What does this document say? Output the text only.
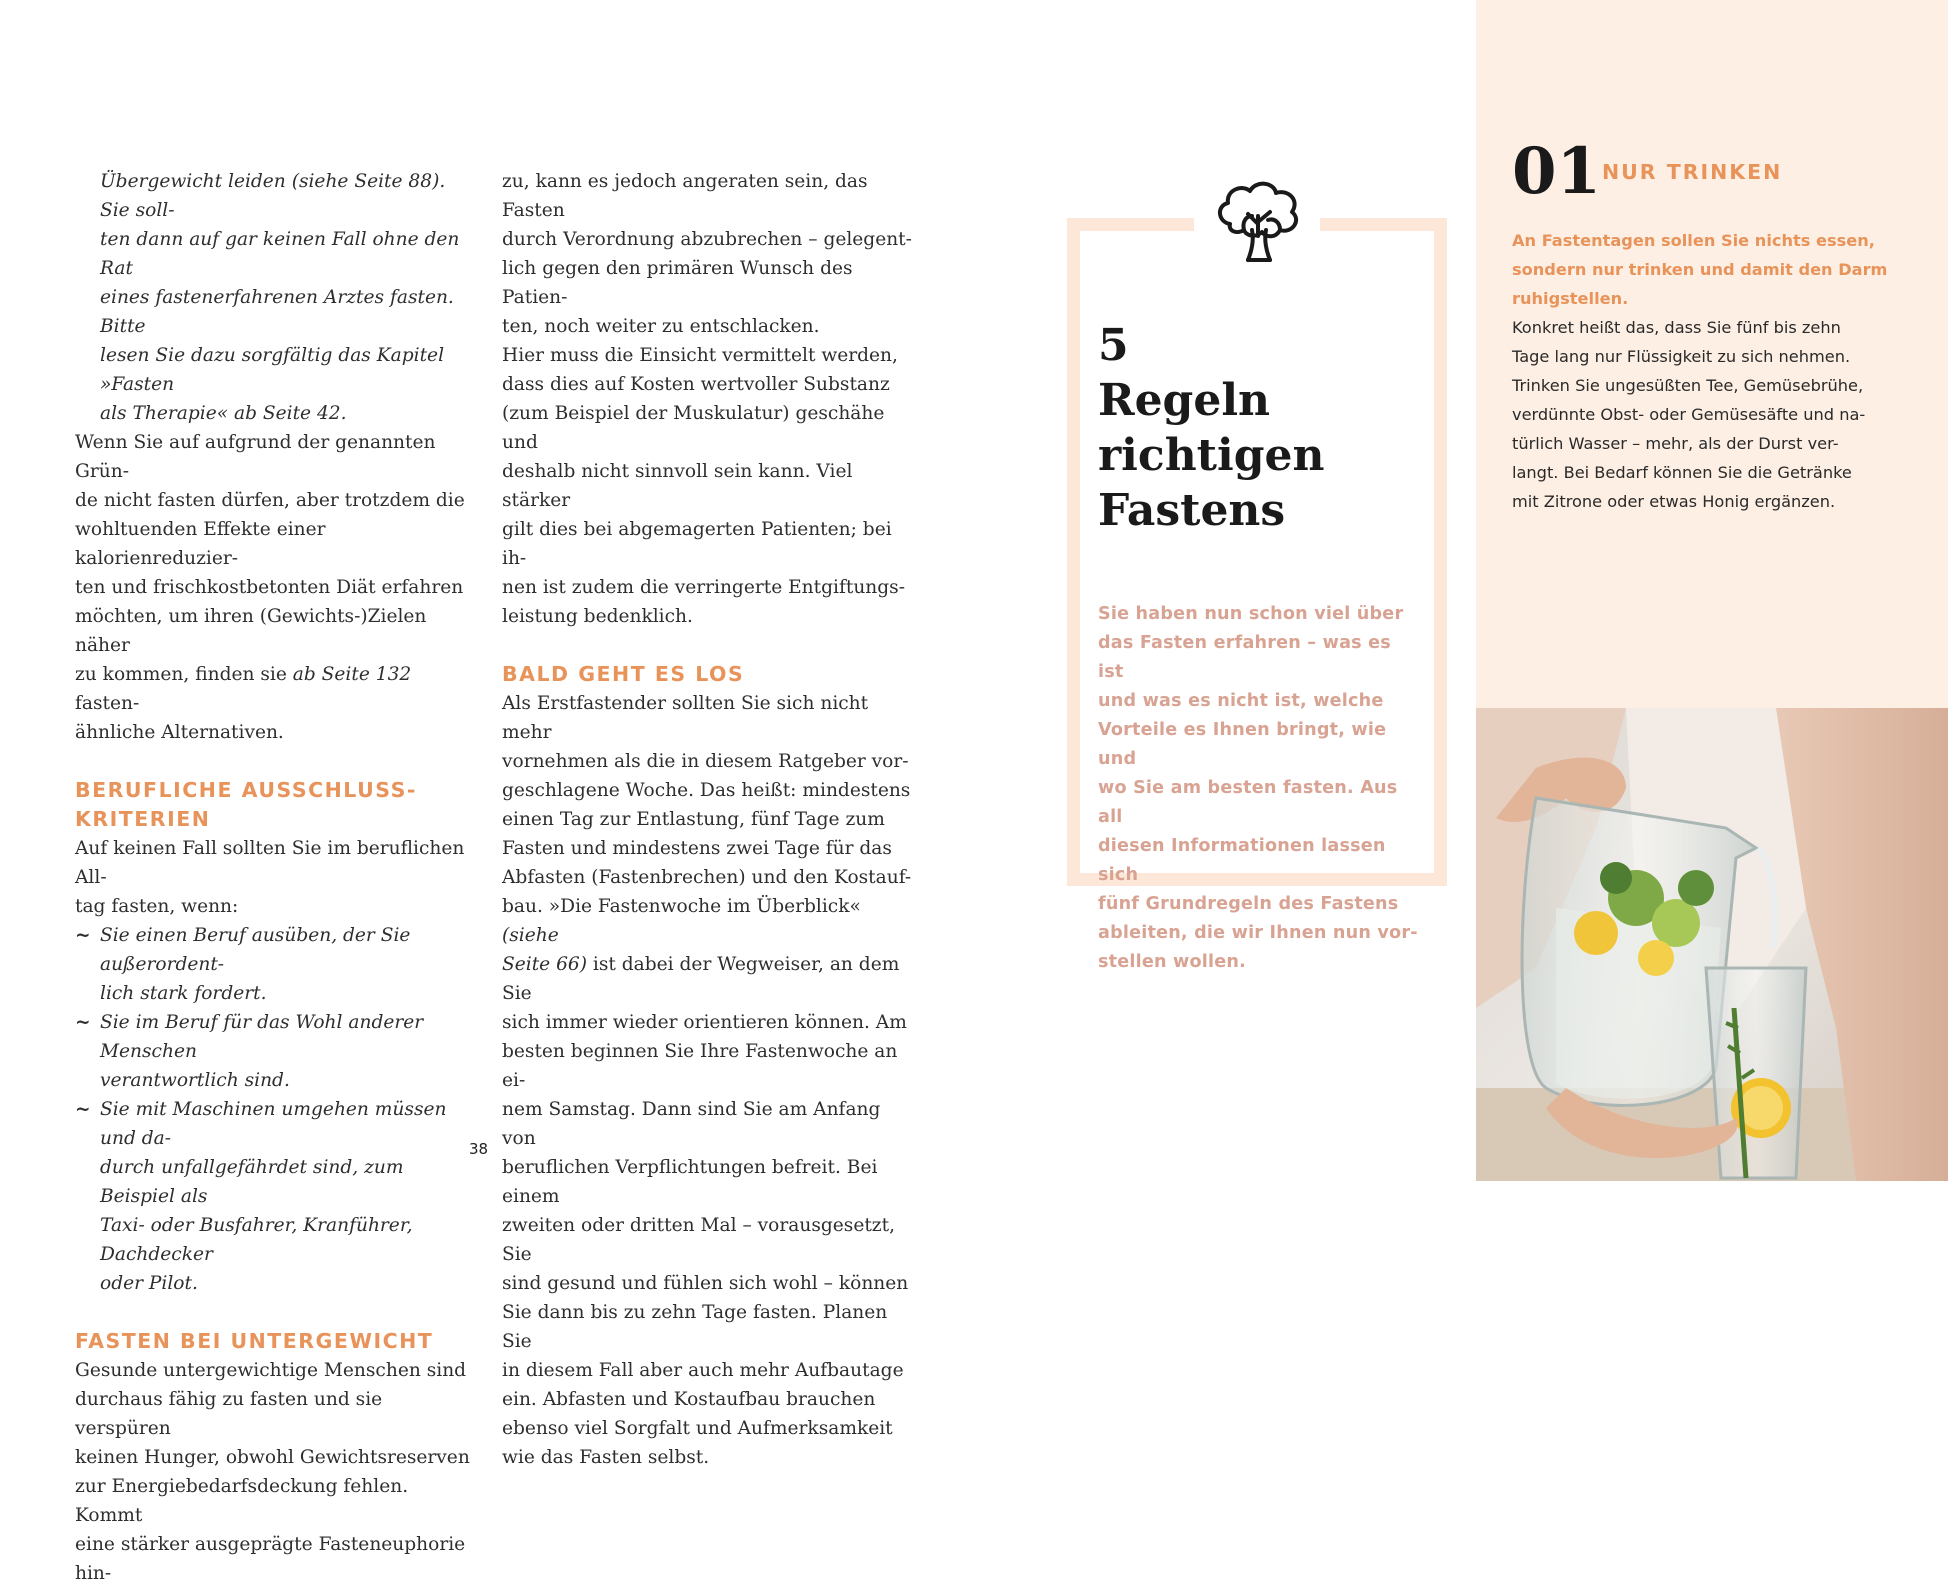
Übergewicht leiden (siehe Seite 88). Sie soll-

ten dann auf gar keinen Fall ohne den Rat

eines fastenerfahrenen Arztes fasten. Bitte

lesen Sie dazu sorgfältig das Kapitel »Fasten

als Therapie« ab Seite 42.

Wenn Sie auf aufgrund der genannten Grün-

de nicht fasten dürfen, aber trotzdem die

wohltuenden Effekte einer kalorienreduzier-

ten und frischkostbetonten Diät erfahren

möchten, um ihren (Gewichts-)Zielen näher

zu kommen, finden sie ab Seite 132 fasten-

ähnliche Alternativen.

BERUFLICHE AUSSCHLUSS-

KRITERIEN

Auf keinen Fall sollten Sie im beruflichen All-

tag fasten, wenn:

~ Sie einen Beruf ausüben, der Sie außerordent-

lich stark fordert.

~ Sie im Beruf für das Wohl anderer Menschen

verantwortlich sind.

~ Sie mit Maschinen umgehen müssen und da-

durch unfallgefährdet sind, zum Beispiel als

Taxi- oder Busfahrer, Kranführer, Dachdecker

oder Pilot.

FASTEN BEI UNTERGEWICHT

Gesunde untergewichtige Menschen sind

durchaus fähig zu fasten und sie verspüren

keinen Hunger, obwohl Gewichtsreserven

zur Energiebedarfsdeckung fehlen. Kommt

eine stärker ausgeprägte Fasteneuphorie hin-

zu, kann es jedoch angeraten sein, das Fasten

durch Verordnung abzubrechen – gelegent-

lich gegen den primären Wunsch des Patien-

ten, noch weiter zu entschlacken.

Hier muss die Einsicht vermittelt werden,

dass dies auf Kosten wertvoller Substanz

(zum Beispiel der Muskulatur) geschähe und

deshalb nicht sinnvoll sein kann. Viel stärker

gilt dies bei abgemagerten Patienten; bei ih-

nen ist zudem die verringerte Entgiftungs-

leistung bedenklich.

BALD GEHT ES LOS

Als Erstfastender sollten Sie sich nicht mehr

vornehmen als die in diesem Ratgeber vor-

geschlagene Woche. Das heißt: mindestens

einen Tag zur Entlastung, fünf Tage zum

Fasten und mindestens zwei Tage für das

Abfasten (Fastenbrechen) und den Kostauf-

bau. »Die Fastenwoche im Überblick« (siehe

Seite 66) ist dabei der Wegweiser, an dem Sie

sich immer wieder orientieren können. Am

besten beginnen Sie Ihre Fastenwoche an ei-

nem Samstag. Dann sind Sie am Anfang von

beruflichen Verpflichtungen befreit. Bei einem

zweiten oder dritten Mal – vorausgesetzt, Sie

sind gesund und fühlen sich wohl – können

Sie dann bis zu zehn Tage fasten. Planen Sie

in diesem Fall aber auch mehr Aufbautage

ein. Abfasten und Kostaufbau brauchen

ebenso viel Sorgfalt und Aufmerksamkeit

wie das Fasten selbst.

38
5
Regeln
richtigen
Fastens
Sie haben nun schon viel über
das Fasten erfahren – was es ist
und was es nicht ist, welche
Vorteile es Ihnen bringt, wie und
wo Sie am besten fasten. Aus all
diesen Informationen lassen sich
fünf Grundregeln des Fastens
ableiten, die wir Ihnen nun vor-
stellen wollen.
01 NUR TRINKEN
An Fastentagen sollen Sie nichts essen,
sondern nur trinken und damit den Darm
ruhigstellen.
Konkret heißt das, dass Sie fünf bis zehn
Tage lang nur Flüssigkeit zu sich nehmen.
Trinken Sie ungesüßten Tee, Gemüsebrühe,
verdünnte Obst- oder Gemüsesäfte und na-
türlich Wasser – mehr, als der Durst ver-
langt. Bei Bedarf können Sie die Getränke
mit Zitrone oder etwas Honig ergänzen.
